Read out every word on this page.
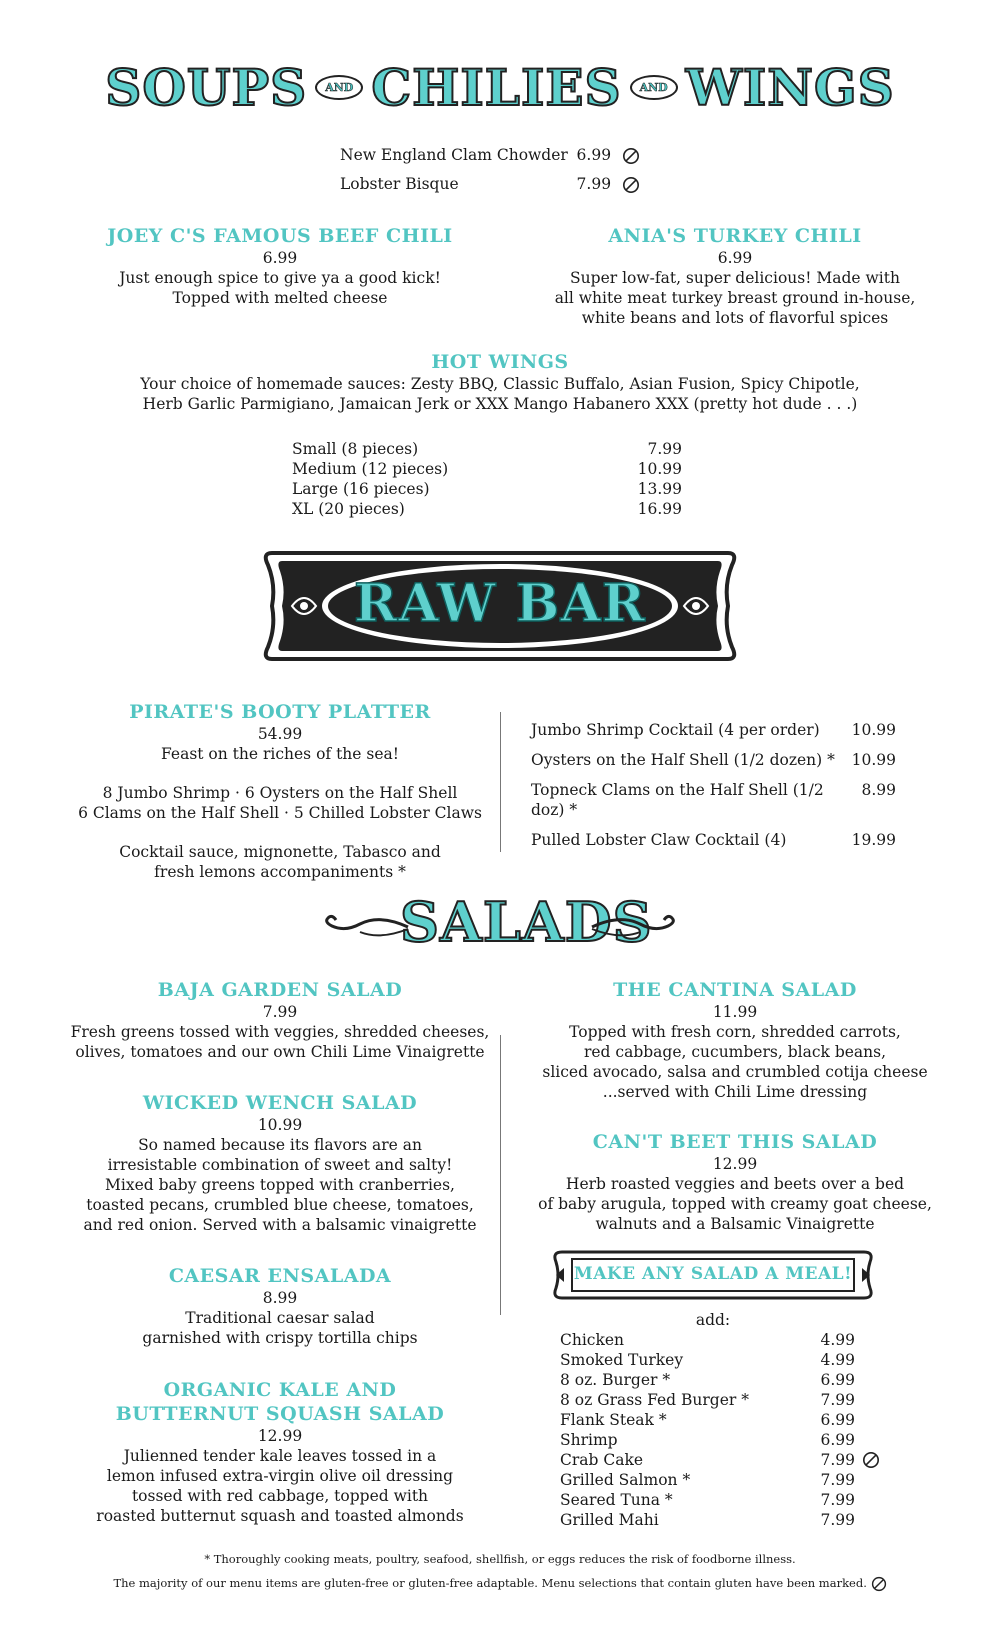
SOUPS	AND CHILIES	AND WINGS
New England Clam Chowder 6.99
Lobster Bisque	7.99
JOEY C'S FAMOUS BEEF CHILI
6.99
Just enough spice to give ya a good kick!
Topped with melted cheese
ANIA'S TURKEY CHILI
6.99
Super low-fat, super delicious! Made with
all white meat turkey breast ground in-house,
white beans and lots of flavorful spices
HOT WINGS
Your choice of homemade sauces: Zesty BBQ, Classic Buffalo, Asian Fusion, Spicy Chipotle,
Herb Garlic Parmigiano, Jamaican Jerk or XXX Mango Habanero XXX (pretty hot dude . . .)
Small (8 pieces)	7.99
Medium (12 pieces)	10.99
Large (16 pieces)	13.99
XL (20 pieces)	16.99
RAW BAR
PIRATE'S BOOTY PLATTER
54.99
Feast on the riches of the sea!
8 Jumbo Shrimp · 6 Oysters on the Half Shell
6 Clams on the Half Shell · 5 Chilled Lobster Claws
Cocktail sauce, mignonette, Tabasco and
fresh lemons accompaniments *
Jumbo Shrimp Cocktail (4 per order) 10.99
Oysters on the Half Shell (1/2 dozen) * 10.99
Topneck Clams on the Half Shell (1/2 doz) *
8.99
Pulled Lobster Claw Cocktail (4)	19.99
SALADS
BAJA GARDEN SALAD
7.99
Fresh greens tossed with veggies, shredded cheeses,
olives, tomatoes and our own Chili Lime Vinaigrette
WICKED WENCH SALAD
10.99
So named because its flavors are an
irresistable combination of sweet and salty!
Mixed baby greens topped with cranberries,
toasted pecans, crumbled blue cheese, tomatoes,
and red onion. Served with a balsamic vinaigrette
CAESAR ENSALADA
8.99
Traditional caesar salad
garnished with crispy tortilla chips
ORGANIC KALE AND
BUTTERNUT SQUASH SALAD
12.99
Julienned tender kale leaves tossed in a
lemon infused extra-virgin olive oil dressing
tossed with red cabbage, topped with
roasted butternut squash and toasted almonds
THE CANTINA SALAD
11.99
Topped with fresh corn, shredded carrots,
red cabbage, cucumbers, black beans,
sliced avocado, salsa and crumbled cotija cheese
...served with Chili Lime dressing
CAN'T BEET THIS SALAD
12.99
Herb roasted veggies and beets over a bed
of baby arugula, topped with creamy goat cheese,
walnuts and a Balsamic Vinaigrette
MAKE ANY SALAD A MEAL!
add:
Chicken	4.99
Smoked Turkey	4.99
8 oz. Burger *	6.99
8 oz Grass Fed Burger *	7.99
Flank Steak *	6.99
Shrimp	6.99
Crab Cake	7.99
Grilled Salmon *	7.99
Seared Tuna *	7.99
Grilled Mahi	7.99
* Thoroughly cooking meats, poultry, seafood, shellfish, or eggs reduces the risk of foodborne illness.
The majority of our menu items are gluten-free or gluten-free adaptable. Menu selections that contain gluten have been marked.
